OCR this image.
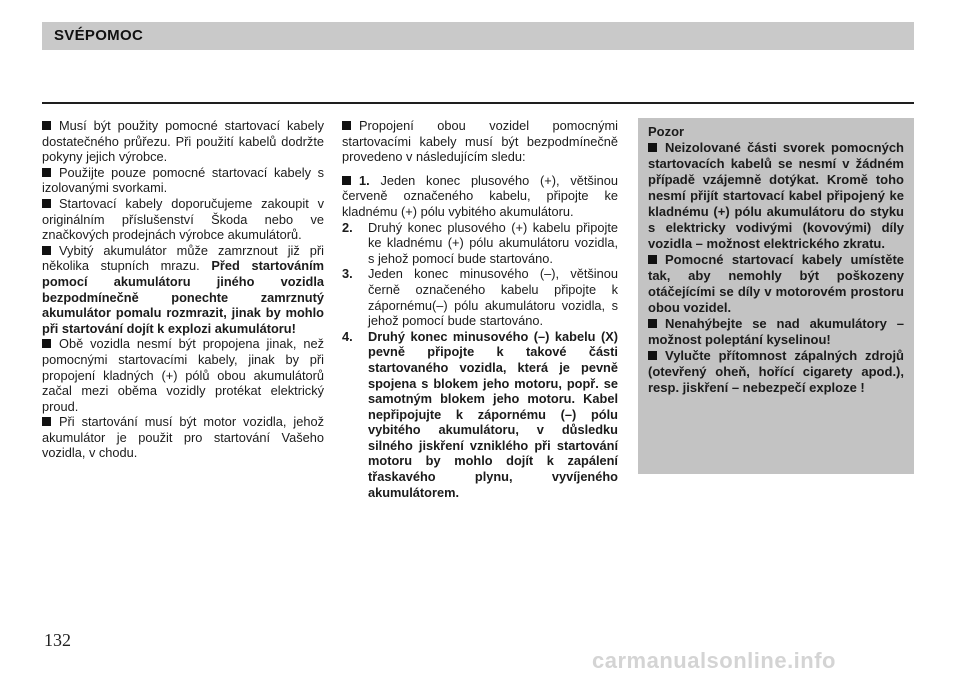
SVÉPOMOC

Musí být použity pomocné startovací kabely dostatečného průřezu. Při použití kabelů dodržte pokyny jejich výrobce.

Použijte pouze pomocné startovací kabely s izolovanými svorkami.

Startovací kabely doporučujeme zakoupit v originálním příslušenství Škoda nebo ve značkových prodejnách výrobce akumulátorů.

Vybitý akumulátor může zamrznout již při několika stupních mrazu. Před startováním pomocí akumulátoru jiného vozidla bezpodmínečně ponechte zamrznutý akumulátor pomalu rozmrazit, jinak by mohlo při startování dojít k explozi akumulátoru!

Obě vozidla nesmí být propojena jinak, než pomocnými startovacími kabely, jinak by při propojení kladných (+) pólů obou akumulátorů začal mezi oběma vozidly protékat elektrický proud.

Při startování musí být motor vozidla, jehož akumulátor je použit pro startování Vašeho vozidla, v chodu.

Propojení obou vozidel pomocnými startovacími kabely musí být bezpodmínečně provedeno v následujícím sledu:

1. Jeden konec plusového (+), většinou červeně označeného kabelu, připojte ke kladnému (+) pólu vybitého akumulátoru.
2. Druhý konec plusového (+) kabelu připojte ke kladnému (+) pólu akumulátoru vozidla, s jehož pomocí bude startováno.
3. Jeden konec minusového (–), většinou černě označeného kabelu připojte k zápornému(–) pólu akumulátoru vozidla, s jehož pomocí bude startováno.
4. Druhý konec minusového (–) kabelu (X) pevně připojte k takové části startovaného vozidla, která je pevně spojena s blokem jeho motoru, popř. se samotným blokem jeho motoru. Kabel nepřipojujte k zápornému (–) pólu vybitého akumulátoru, v důsledku silného jiskření vzniklého při startování motoru by mohlo dojít k zapálení třaskavého plynu, vyvíjeného akumulátorem.
Pozor
Neizolované části svorek pomocných startovacích kabelů se nesmí v žádném případě vzájemně dotýkat. Kromě toho nesmí přijít startovací kabel připojený ke kladnému (+) pólu akumulátoru do styku s elektricky vodivými (kovovými) díly vozidla – možnost elektrického zkratu.
Pomocné startovací kabely umístěte tak, aby nemohly být poškozeny otáčejícími se díly v motorovém prostoru obou vozidel.
Nenahýbejte se nad akumulátory – možnost poleptání kyselinou!
Vylučte přítomnost zápalných zdrojů (otevřený oheň, hořící cigarety apod.), resp. jiskření – nebezpečí exploze !
132
carmanualsonline.info
